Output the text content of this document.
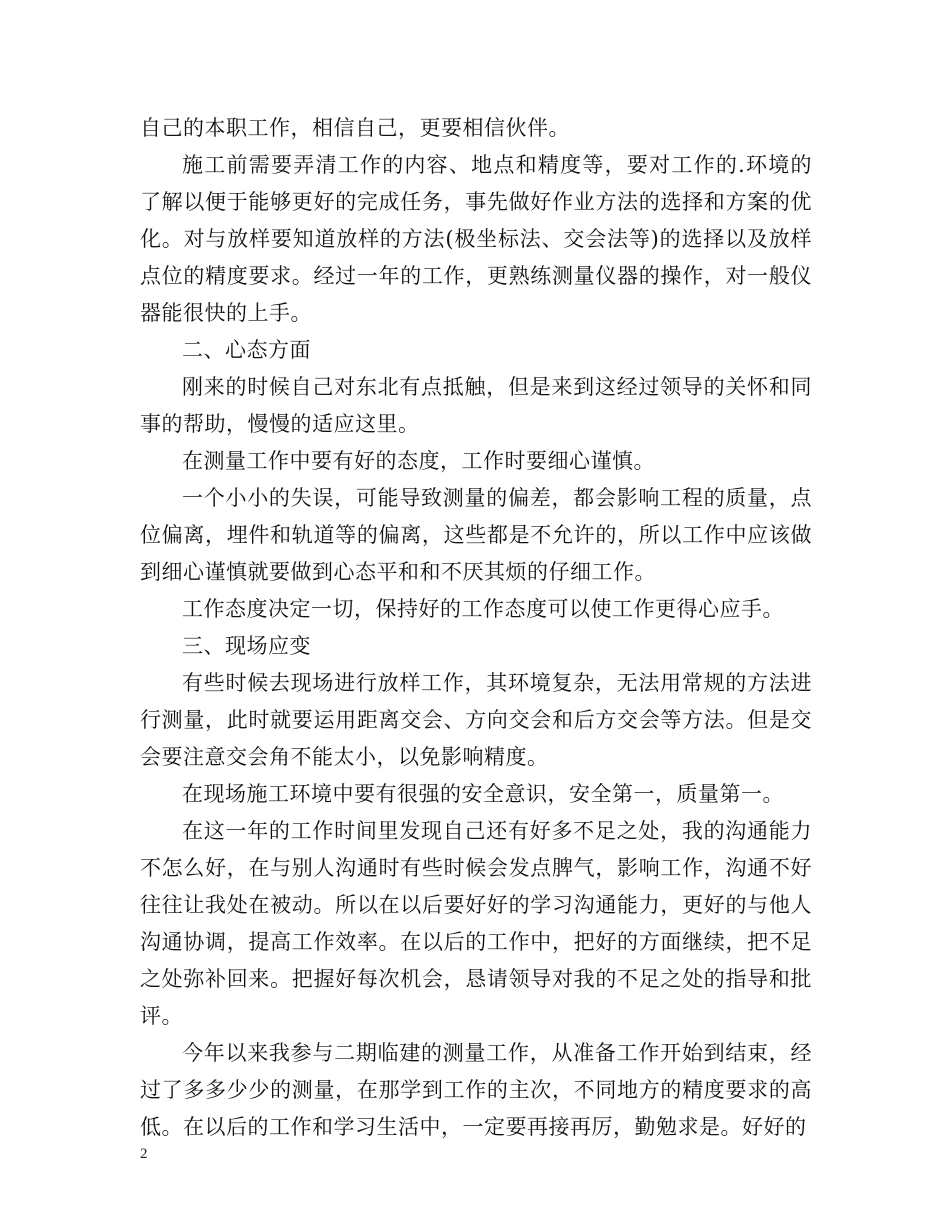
自己的本职工作，相信自己，更要相信伙伴。

施工前需要弄清工作的内容、地点和精度等，要对工作的.环境的了解以便于能够更好的完成任务，事先做好作业方法的选择和方案的优化。对与放样要知道放样的方法(极坐标法、交会法等)的选择以及放样点位的精度要求。经过一年的工作，更熟练测量仪器的操作，对一般仪器能很快的上手。

二、心态方面

刚来的时候自己对东北有点抵触，但是来到这经过领导的关怀和同事的帮助，慢慢的适应这里。

在测量工作中要有好的态度，工作时要细心谨慎。

一个小小的失误，可能导致测量的偏差，都会影响工程的质量，点位偏离，埋件和轨道等的偏离，这些都是不允许的，所以工作中应该做到细心谨慎就要做到心态平和和不厌其烦的仔细工作。

工作态度决定一切，保持好的工作态度可以使工作更得心应手。

三、现场应变

有些时候去现场进行放样工作，其环境复杂，无法用常规的方法进行测量，此时就要运用距离交会、方向交会和后方交会等方法。但是交会要注意交会角不能太小，以免影响精度。

在现场施工环境中要有很强的安全意识，安全第一，质量第一。

在这一年的工作时间里发现自己还有好多不足之处，我的沟通能力不怎么好，在与别人沟通时有些时候会发点脾气，影响工作，沟通不好往往让我处在被动。所以在以后要好好的学习沟通能力，更好的与他人沟通协调，提高工作效率。在以后的工作中，把好的方面继续，把不足之处弥补回来。把握好每次机会，恳请领导对我的不足之处的指导和批评。

今年以来我参与二期临建的测量工作，从准备工作开始到结束，经过了多多少少的测量，在那学到工作的主次，不同地方的精度要求的高低。在以后的工作和学习生活中，一定要再接再厉，勤勉求是。好好的

2
